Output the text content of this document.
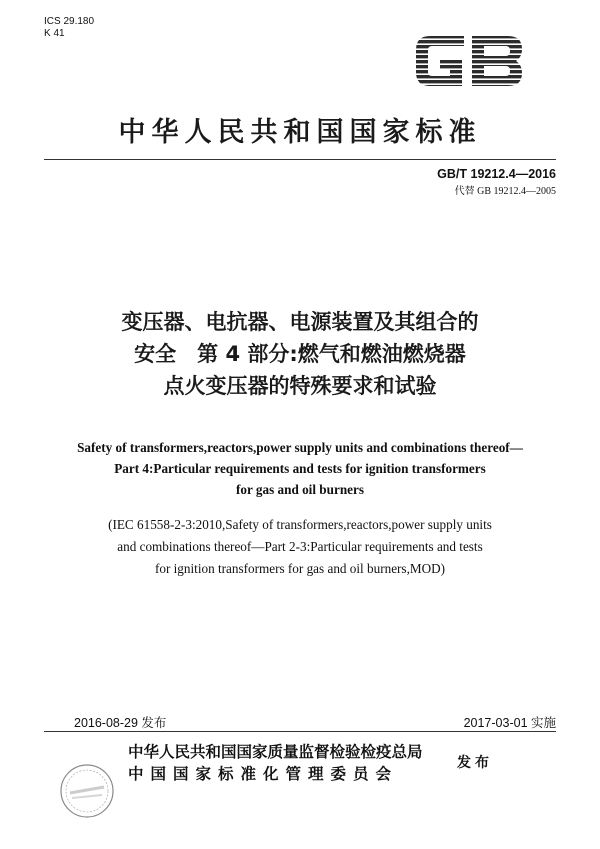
ICS 29.180
K 41
中华人民共和国国家标准
GB/T 19212.4—2016
代替 GB 19212.4—2005
变压器、电抗器、电源装置及其组合的
安全　第 4 部分:燃气和燃油燃烧器
点火变压器的特殊要求和试验
Safety of transformers,reactors,power supply units and combinations thereof—
Part 4:Particular requirements and tests for ignition transformers
for gas and oil burners
(IEC 61558-2-3:2010,Safety of transformers,reactors,power supply units
and combinations thereof—Part 2-3:Particular requirements and tests
for ignition transformers for gas and oil burners,MOD)
2016-08-29 发布	2017-03-01 实施
中华人民共和国国家质量监督检验检疫总局
中国国家标准化管理委员会
发布
